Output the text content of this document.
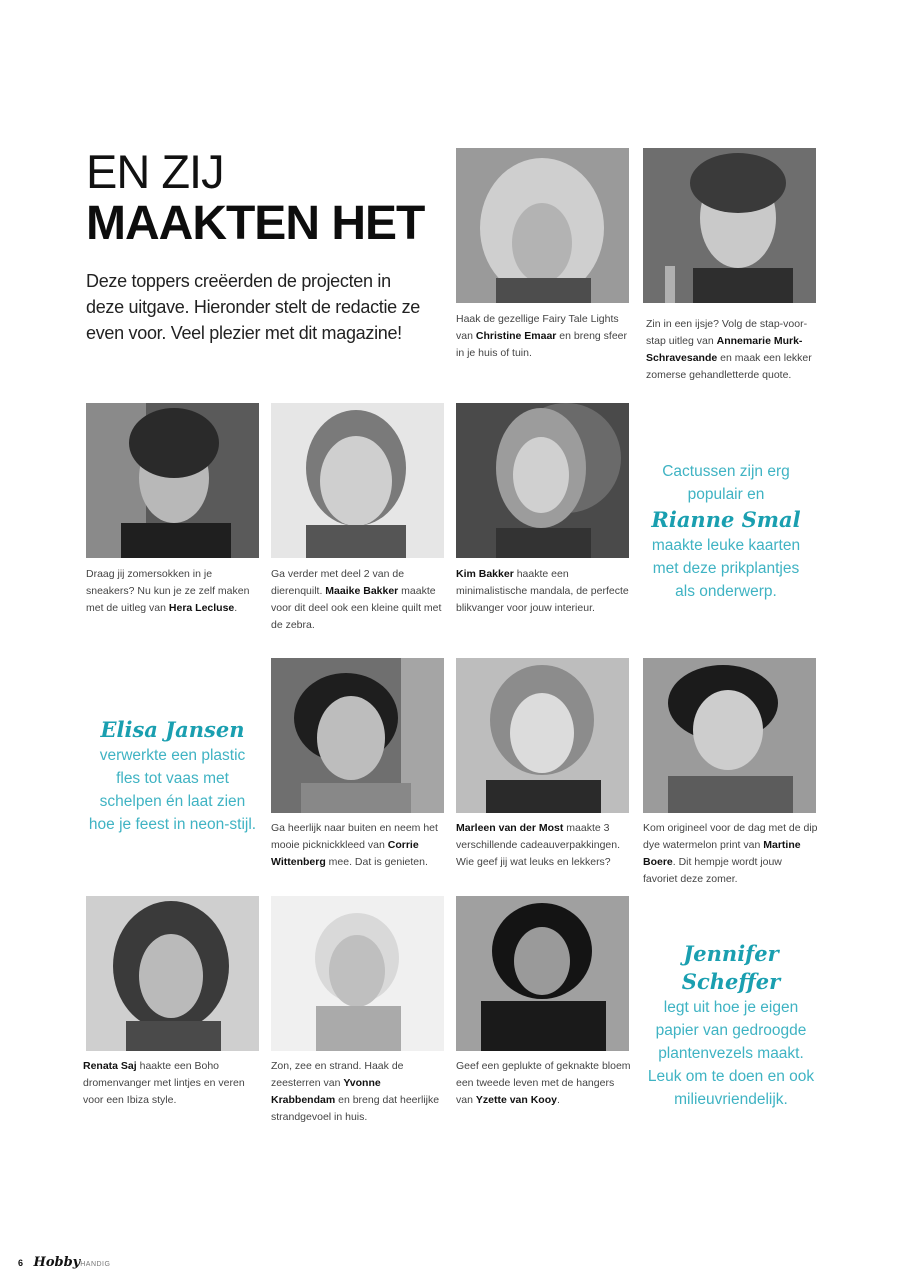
EN ZIJ
MAAKTEN HET
Deze toppers creëerden de projecten in deze uitgave. Hieronder stelt de redactie ze even voor. Veel plezier met dit magazine!
Haak de gezellige Fairy Tale Lights van Christine Emaar en breng sfeer in je huis of tuin.
Zin in een ijsje? Volg de stap-voor-stap uitleg van Annemarie Murk-Schravesande en maak een lekker zomerse gehandletterde quote.
Draag jij zomersokken in je sneakers? Nu kun je ze zelf maken met de uitleg van Hera Lecluse.
Ga verder met deel 2 van de dierenquilt. Maaike Bakker maakte voor dit deel ook een kleine quilt met de zebra.
Kim Bakker haakte een minimalistische mandala, de perfecte blikvanger voor jouw interieur.
Cactussen zijn erg populair en
Rianne Smal
maakte leuke kaarten met deze prikplantjes als onderwerp.
Elisa Jansen
verwerkte een plastic fles tot vaas met schelpen én laat zien hoe je feest in neon-stijl. Ga heerlijk naar buiten en neem het mooie picknickkleed van Corrie Wittenberg mee. Dat is genieten.
Marleen van der Most maakte 3 verschillende cadeauverpakkingen. Wie geef jij wat leuks en lekkers?
Kom origineel voor de dag met de dip dye watermelon print van Martine Boere. Dit hempje wordt jouw favoriet deze zomer.
Renata Saj haakte een Boho dromenvanger met lintjes en veren voor een Ibiza style.
Zon, zee en strand. Haak de zeesterren van Yvonne Krabbendam en breng dat heerlijke strandgevoel in huis.
Geef een geplukte of geknakte bloem een tweede leven met de hangers van Yzette van Kooy.
Jennifer Scheffer
legt uit hoe je eigen papier van gedroogde plantenvezels maakt. Leuk om te doen en ook milieuvriendelijk.
6 HobbyHANDIG
